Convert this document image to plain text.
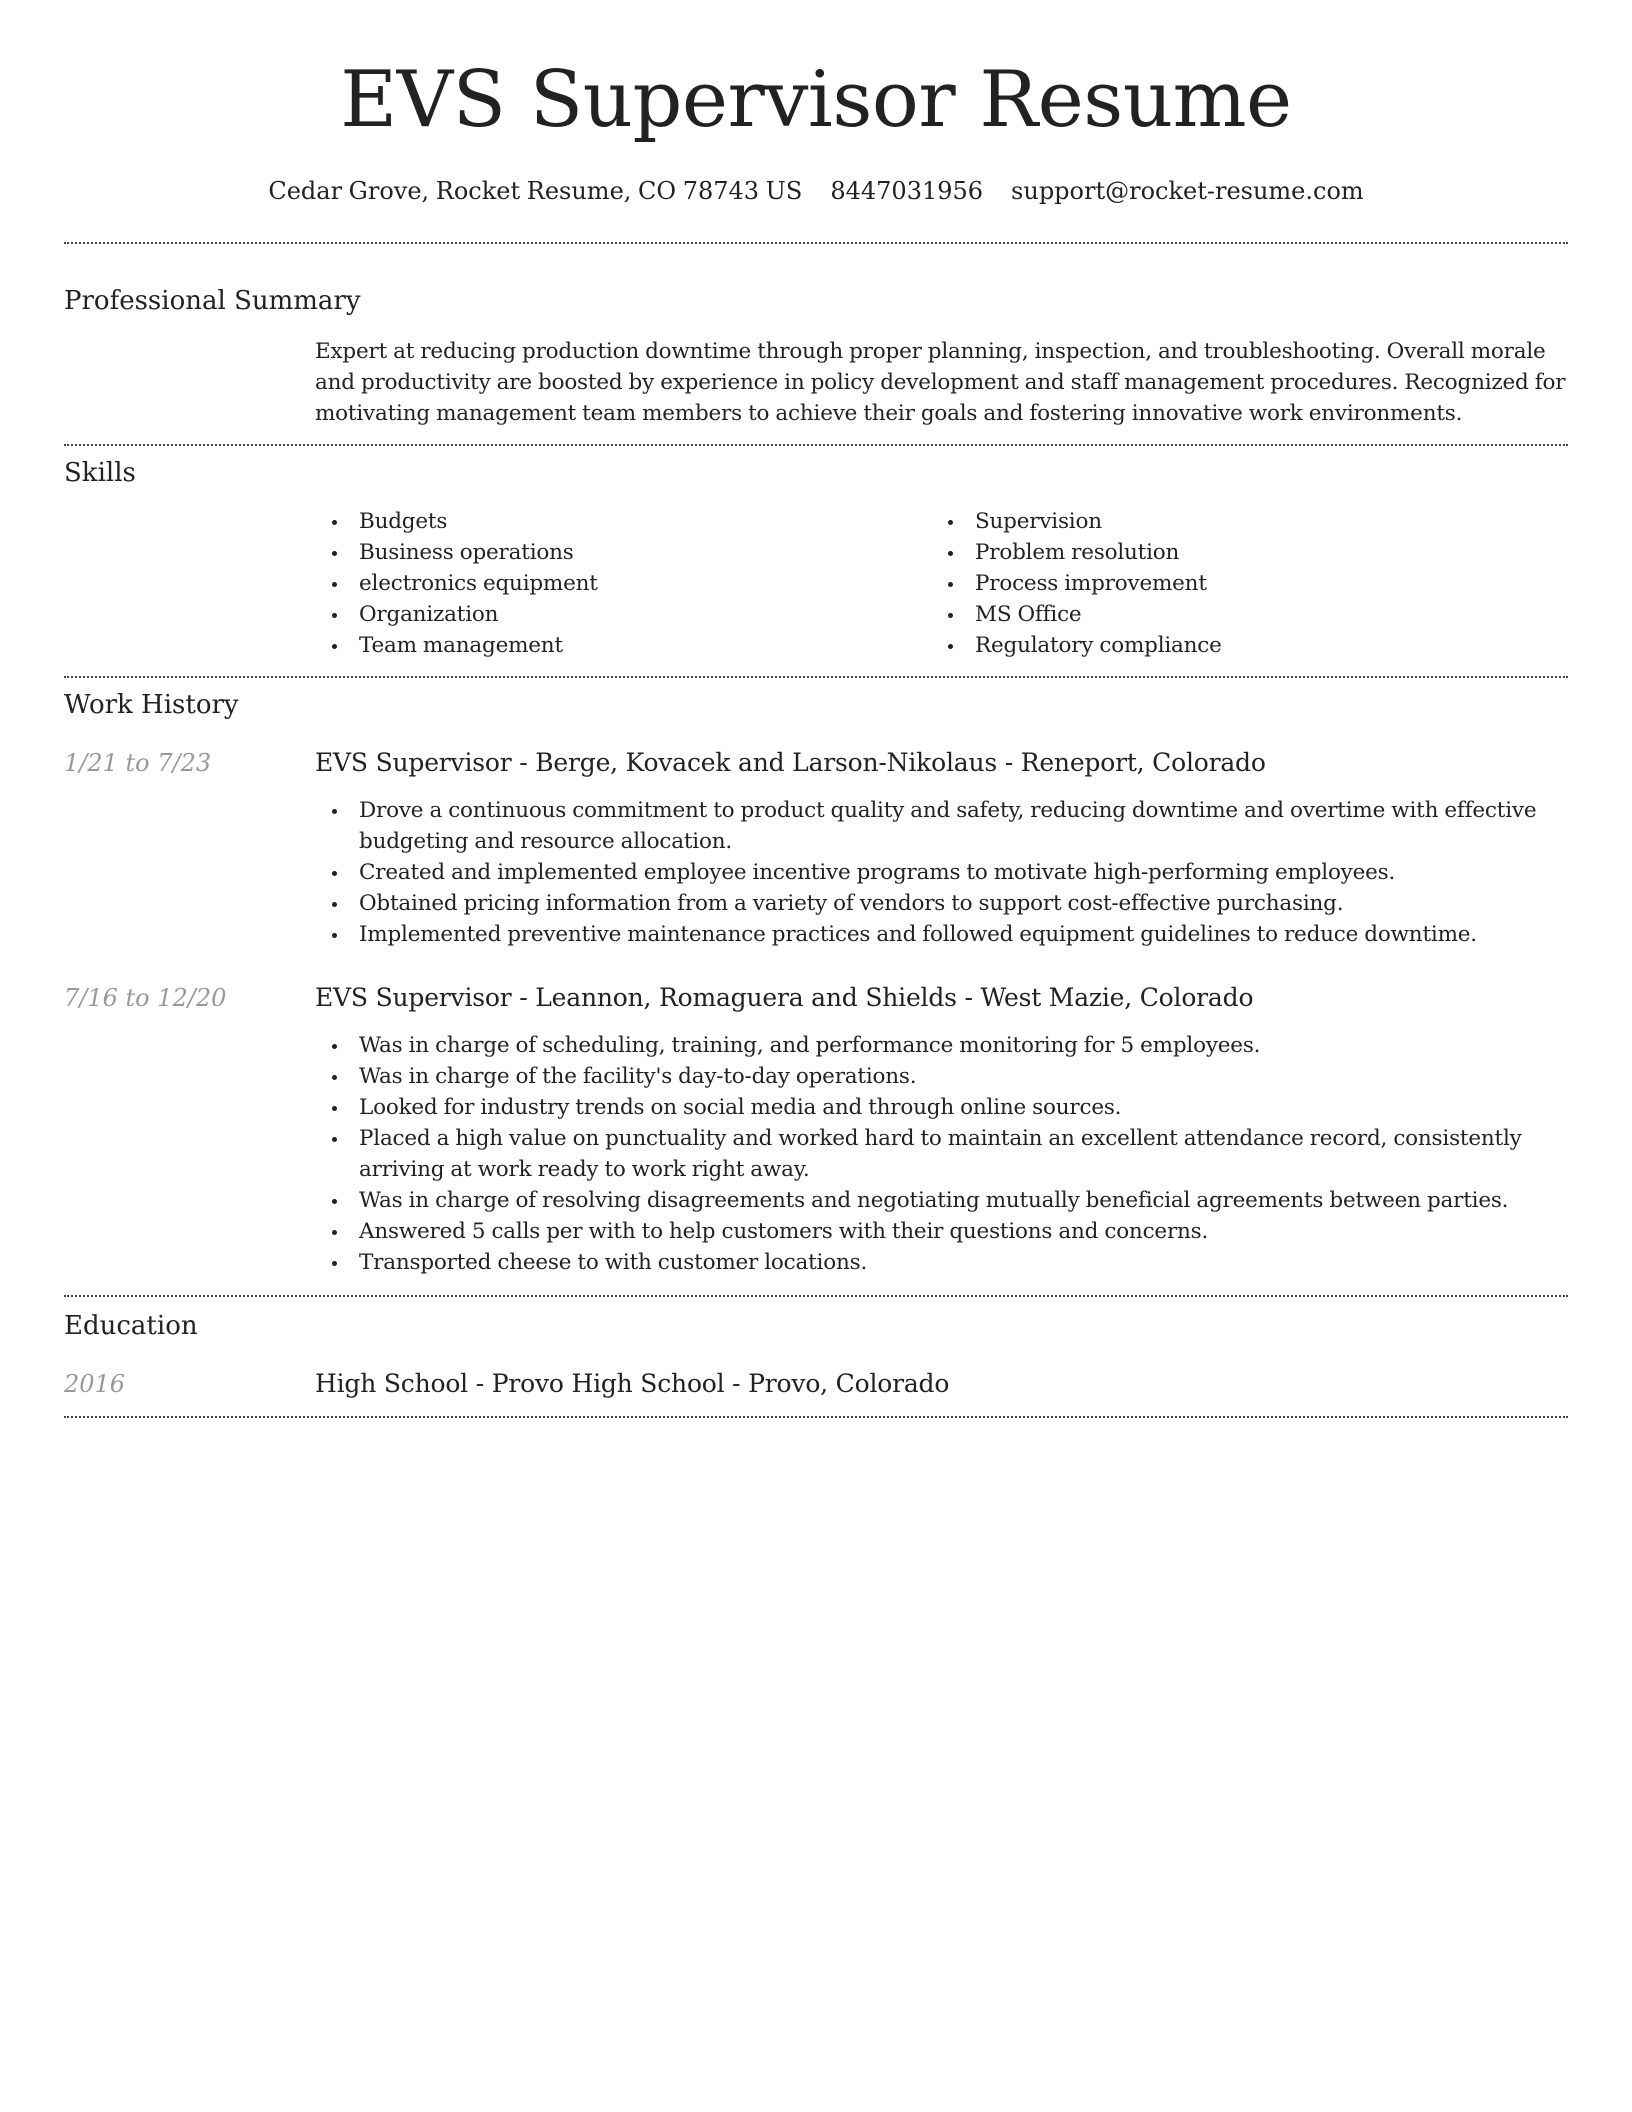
EVS Supervisor Resume
Cedar Grove, Rocket Resume, CO 78743 US 8447031956 support@rocket-resume.com
Professional Summary

Expert at reducing production downtime through proper planning, inspection, and troubleshooting. Overall morale and productivity are boosted by experience in policy development and staff management procedures. Recognized for motivating management team members to achieve their goals and fostering innovative work environments.

Skills
Budgets
Business operations
electronics equipment
Organization
Team management
Supervision
Problem resolution
Process improvement
MS Office
Regulatory compliance
Work History
1/21 to 7/23	EVS Supervisor - Berge, Kovacek and Larson-Nikolaus - Reneport, Colorado
Drove a continuous commitment to product quality and safety, reducing downtime and overtime with effective budgeting and resource allocation.
Created and implemented employee incentive programs to motivate high-performing employees.
Obtained pricing information from a variety of vendors to support cost-effective purchasing.
Implemented preventive maintenance practices and followed equipment guidelines to reduce downtime.
7/16 to 12/20	EVS Supervisor - Leannon, Romaguera and Shields - West Mazie, Colorado
Was in charge of scheduling, training, and performance monitoring for 5 employees.
Was in charge of the facility's day-to-day operations.
Looked for industry trends on social media and through online sources.
Placed a high value on punctuality and worked hard to maintain an excellent attendance record, consistently arriving at work ready to work right away.
Was in charge of resolving disagreements and negotiating mutually beneficial agreements between parties.
Answered 5 calls per with to help customers with their questions and concerns.
Transported cheese to with customer locations.
Education
2016	High School - Provo High School - Provo, Colorado
